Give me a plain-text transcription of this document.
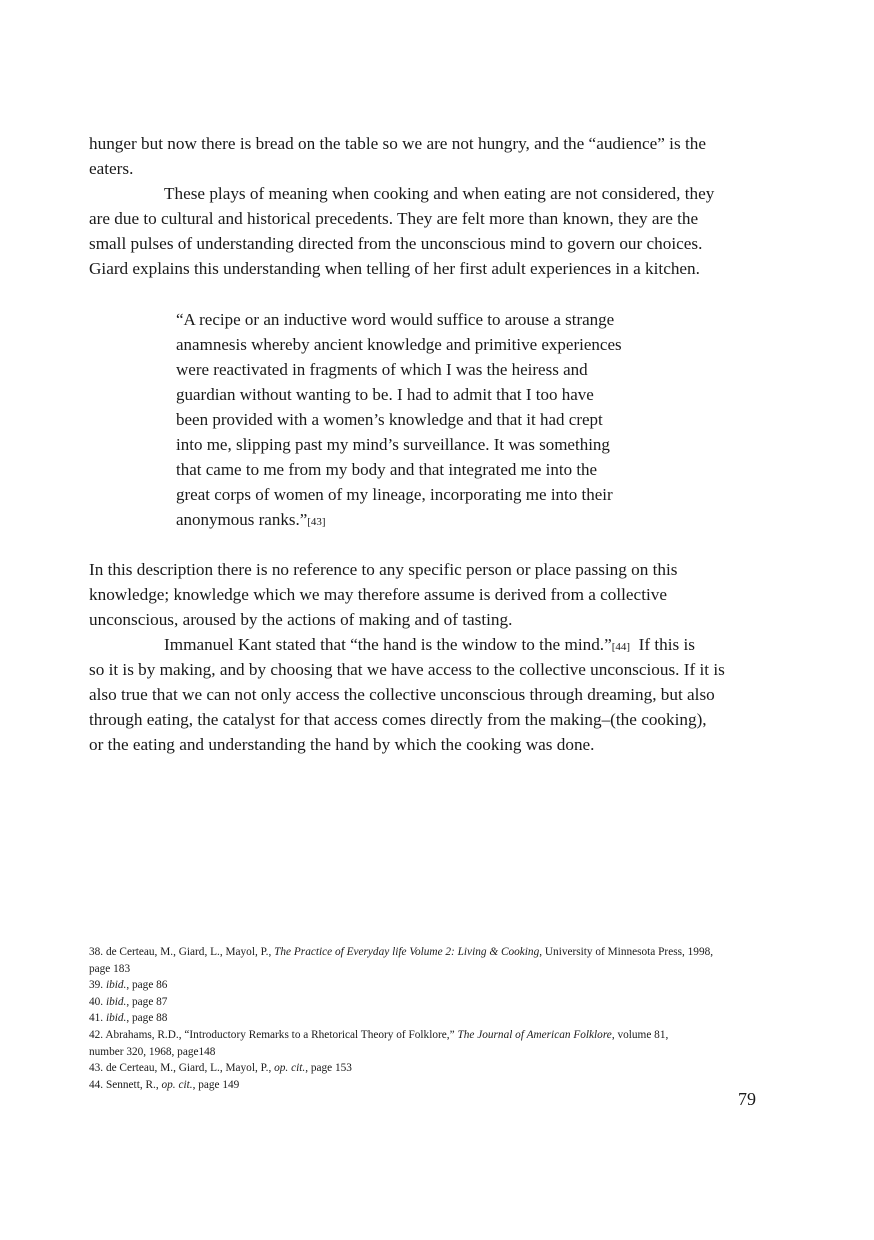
hunger but now there is bread on the table so we are not hungry, and the “audience” is the
eaters.
These plays of meaning when cooking and when eating are not considered, they
are due to cultural and historical precedents. They are felt more than known, they are the
small pulses of understanding directed from the unconscious mind to govern our choices.
Giard explains this understanding when telling of her first adult experiences in a kitchen.
“A recipe or an inductive word would suffice to arouse a strange
anamnesis whereby ancient knowledge and primitive experiences
were reactivated in fragments of which I was the heiress and
guardian without wanting to be. I had to admit that I too have
been provided with a women’s knowledge and that it had crept
into me, slipping past my mind’s surveillance. It was something
that came to me from my body and that integrated me into the
great corps of women of my lineage, incorporating me into their
anonymous ranks.”[43]
In this description there is no reference to any specific person or place passing on this
knowledge; knowledge which we may therefore assume is derived from a collective
unconscious, aroused by the actions of making and of tasting.
Immanuel Kant stated that “the hand is the window to the mind.”[44]  If this is
so it is by making, and by choosing that we have access to the collective unconscious. If it is
also true that we can not only access the collective unconscious through dreaming, but also
through eating, the catalyst for that access comes directly from the making–(the cooking),
or the eating and understanding the hand by which the cooking was done.
38. de Certeau, M., Giard, L., Mayol, P., The Practice of Everyday life Volume 2: Living & Cooking, University of Minnesota Press, 1998,
page 183
39. ibid., page 86
40. ibid., page 87
41. ibid., page 88
42. Abrahams, R.D., “Introductory Remarks to a Rhetorical Theory of Folklore,” The Journal of American Folklore, volume 81,
number 320, 1968, page148
43. de Certeau, M., Giard, L., Mayol, P., op. cit., page 153
44. Sennett, R., op. cit., page 149
79
